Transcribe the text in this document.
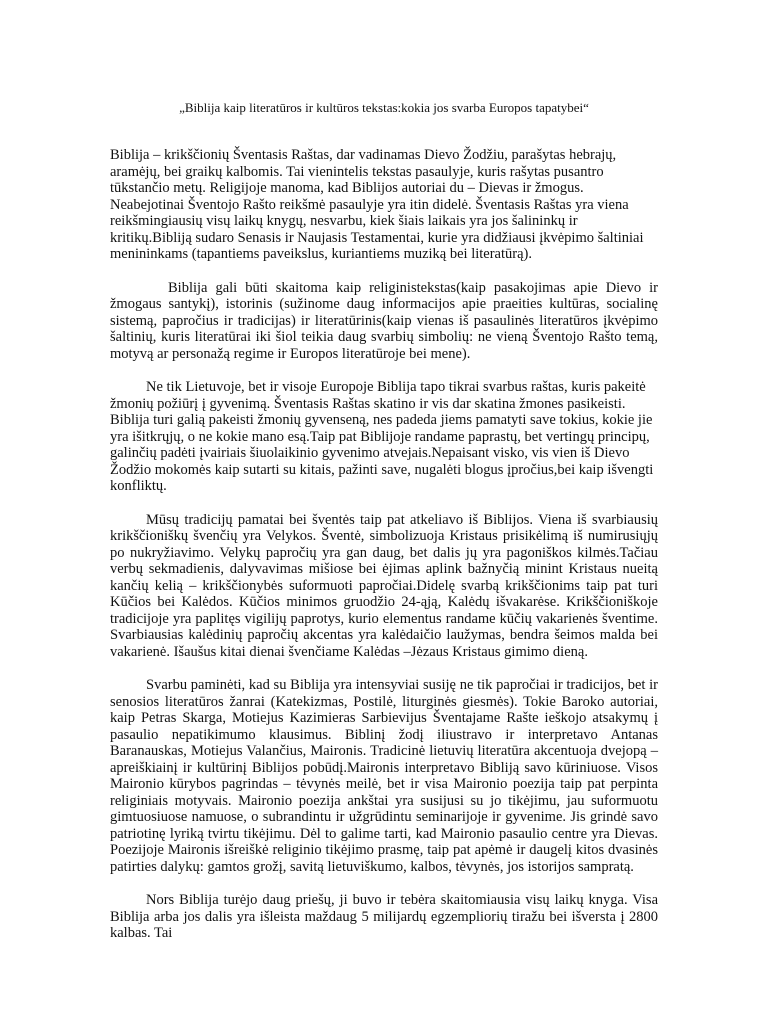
„Biblija kaip literatūros ir kultūros tekstas:kokia jos svarba Europos tapatybei“

Biblija – krikščionių Šventasis Raštas, dar vadinamas Dievo Žodžiu, parašytas hebrajų, aramėjų, bei graikų kalbomis. Tai vienintelis tekstas pasaulyje, kuris rašytas pusantro tūkstančio metų. Religijoje manoma, kad Biblijos autoriai du – Dievas ir žmogus. Neabejotinai Šventojo Rašto reikšmė pasaulyje yra itin didelė. Šventasis Raštas yra viena reikšmingiausių visų laikų knygų, nesvarbu, kiek šiais laikais yra jos šalininkų ir kritikų.Bibliją sudaro Senasis ir Naujasis Testamentai, kurie yra didžiausi įkvėpimo šaltiniai menininkams (tapantiems paveikslus, kuriantiems muziką bei literatūrą).

Biblija gali būti skaitoma kaip religinistekstas(kaip pasakojimas apie Dievo ir žmogaus santykį), istorinis (sužinome daug informacijos apie praeities kultūras, socialinę sistemą, papročius ir tradicijas) ir literatūrinis(kaip vienas iš pasaulinės literatūros įkvėpimo šaltinių, kuris literatūrai iki šiol teikia daug svarbių simbolių: ne vieną Šventojo Rašto temą, motyvą ar personažą regime ir Europos literatūroje bei mene).

Ne tik Lietuvoje, bet ir visoje Europoje Biblija tapo tikrai svarbus raštas, kuris pakeitė žmonių požiūrį į gyvenimą. Šventasis Raštas skatino ir vis dar skatina žmones pasikeisti. Biblija turi galią pakeisti žmonių gyvenseną, nes padeda jiems pamatyti save tokius, kokie jie yra išitkrųjų, o ne kokie mano esą.Taip pat Biblijoje randame paprastų, bet vertingų principų, galinčių padėti įvairiais šiuolaikinio gyvenimo atvejais.Nepaisant visko, vis vien iš Dievo Žodžio mokomės kaip sutarti su kitais, pažinti save, nugalėti blogus įpročius,bei kaip išvengti konfliktų.

Mūsų tradicijų pamatai bei šventės taip pat atkeliavo iš Biblijos. Viena iš svarbiausių krikščioniškų švenčių yra Velykos. Šventė, simbolizuoja Kristaus prisikėlimą iš numirusiųjų po nukryžiavimo. Velykų papročių yra gan daug, bet dalis jų yra pagoniškos kilmės.Tačiau verbų sekmadienis, dalyvavimas mišiose bei ėjimas aplink bažnyčią minint Kristaus nueitą kančių kelią – krikščionybės suformuoti papročiai.Didelę svarbą krikščionims taip pat turi Kūčios bei Kalėdos. Kūčios minimos gruodžio 24-ąją, Kalėdų išvakarėse. Krikščioniškoje tradicijoje yra paplitęs vigilijų paprotys, kurio elementus randame kūčių vakarienės šventime. Svarbiausias kalėdinių papročių akcentas yra kalėdaičio laužymas, bendra šeimos malda bei vakarienė. Išaušus kitai dienai švenčiame Kalėdas –Jėzaus Kristaus gimimo dieną.

Svarbu paminėti, kad su Biblija yra intensyviai susiję ne tik papročiai ir tradicijos, bet ir senosios literatūros žanrai (Katekizmas, Postilė, liturginės giesmės). Tokie Baroko autoriai, kaip Petras Skarga, Motiejus Kazimieras Sarbievijus Šventajame Rašte ieškojo atsakymų į pasaulio nepatikimumo klausimus. Biblinį žodį iliustravo ir interpretavo Antanas Baranauskas, Motiejus Valančius, Maironis. Tradicinė lietuvių literatūra akcentuoja dvejopą – apreiškiainį ir kultūrinį Biblijos pobūdį.Maironis interpretavo Bibliją savo kūriniuose. Visos Maironio kūrybos pagrindas – tėvynės meilė, bet ir visa Maironio poezija taip pat perpinta religiniais motyvais. Maironio poezija ankštai yra susijusi su jo tikėjimu, jau suformuotu gimtuosiuose namuose, o subrandintu ir užgrūdintu seminarijoje ir gyvenime. Jis grindė savo patriotinę lyriką tvirtu tikėjimu. Dėl to galime tarti, kad Maironio pasaulio centre yra Dievas. Poezijoje Maironis išreiškė religinio tikėjimo prasmę, taip pat apėmė ir daugelį kitos dvasinės patirties dalykų: gamtos grožį, savitą lietuviškumo, kalbos, tėvynės, jos istorijos sampratą.

Nors Biblija turėjo daug priešų, ji buvo ir tebėra skaitomiausia visų laikų knyga. Visa Biblija arba jos dalis yra išleista maždaug 5 milijardų egzempliorių tiražu bei išversta į 2800 kalbas. Tai
